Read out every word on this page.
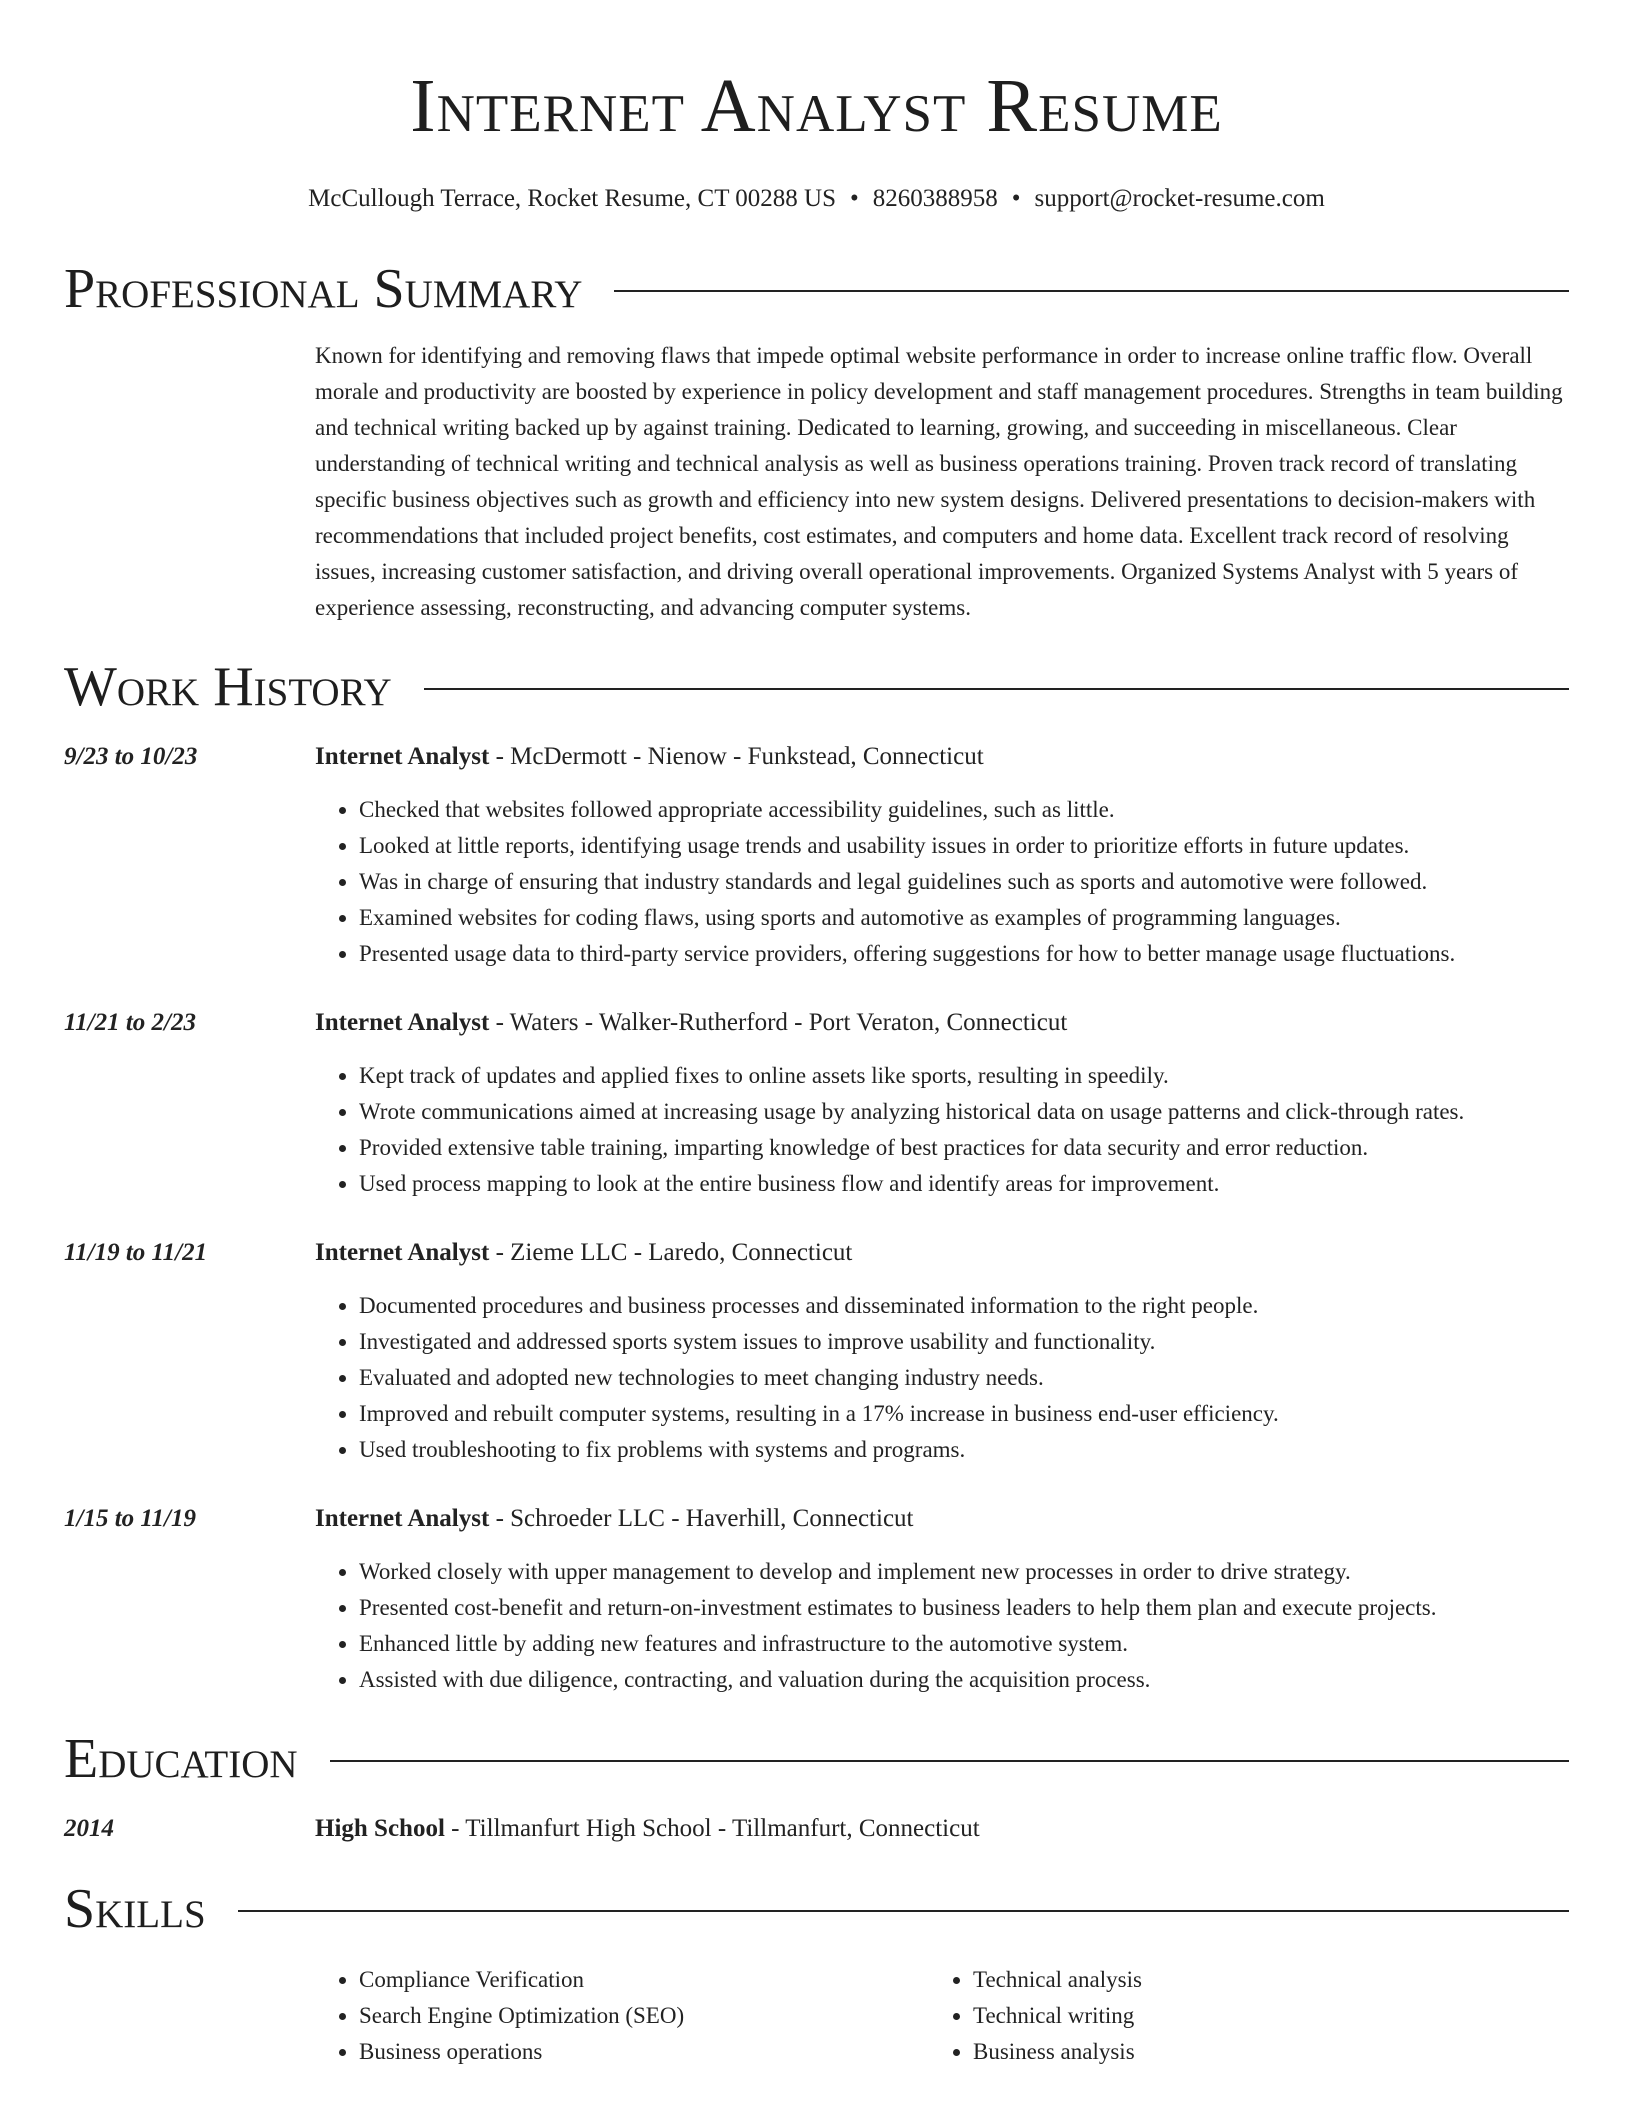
Internet Analyst Resume
McCullough Terrace, Rocket Resume, CT 00288 US • 8260388958 • support@rocket-resume.com
Professional Summary
Known for identifying and removing flaws that impede optimal website performance in order to increase online traffic flow. Overall morale and productivity are boosted by experience in policy development and staff management procedures. Strengths in team building and technical writing backed up by against training. Dedicated to learning, growing, and succeeding in miscellaneous. Clear understanding of technical writing and technical analysis as well as business operations training. Proven track record of translating specific business objectives such as growth and efficiency into new system designs. Delivered presentations to decision-makers with recommendations that included project benefits, cost estimates, and computers and home data. Excellent track record of resolving issues, increasing customer satisfaction, and driving overall operational improvements. Organized Systems Analyst with 5 years of experience assessing, reconstructing, and advancing computer systems.
Work History
9/23 to 10/23	Internet Analyst - McDermott - Nienow - Funkstead, Connecticut
• Checked that websites followed appropriate accessibility guidelines, such as little.
• Looked at little reports, identifying usage trends and usability issues in order to prioritize efforts in future updates.
• Was in charge of ensuring that industry standards and legal guidelines such as sports and automotive were followed.
• Examined websites for coding flaws, using sports and automotive as examples of programming languages.
• Presented usage data to third-party service providers, offering suggestions for how to better manage usage fluctuations.
11/21 to 2/23	Internet Analyst - Waters - Walker-Rutherford - Port Veraton, Connecticut
• Kept track of updates and applied fixes to online assets like sports, resulting in speedily.
• Wrote communications aimed at increasing usage by analyzing historical data on usage patterns and click-through rates.
• Provided extensive table training, imparting knowledge of best practices for data security and error reduction.
• Used process mapping to look at the entire business flow and identify areas for improvement.
11/19 to 11/21	Internet Analyst - Zieme LLC - Laredo, Connecticut
• Documented procedures and business processes and disseminated information to the right people.
• Investigated and addressed sports system issues to improve usability and functionality.
• Evaluated and adopted new technologies to meet changing industry needs.
• Improved and rebuilt computer systems, resulting in a 17% increase in business end-user efficiency.
• Used troubleshooting to fix problems with systems and programs.
1/15 to 11/19	Internet Analyst - Schroeder LLC - Haverhill, Connecticut
• Worked closely with upper management to develop and implement new processes in order to drive strategy.
• Presented cost-benefit and return-on-investment estimates to business leaders to help them plan and execute projects.
• Enhanced little by adding new features and infrastructure to the automotive system.
• Assisted with due diligence, contracting, and valuation during the acquisition process.
Education
2014	High School - Tillmanfurt High School - Tillmanfurt, Connecticut
Skills
• Compliance Verification
• Search Engine Optimization (SEO)
• Business operations
• Technical analysis
• Technical writing
• Business analysis
